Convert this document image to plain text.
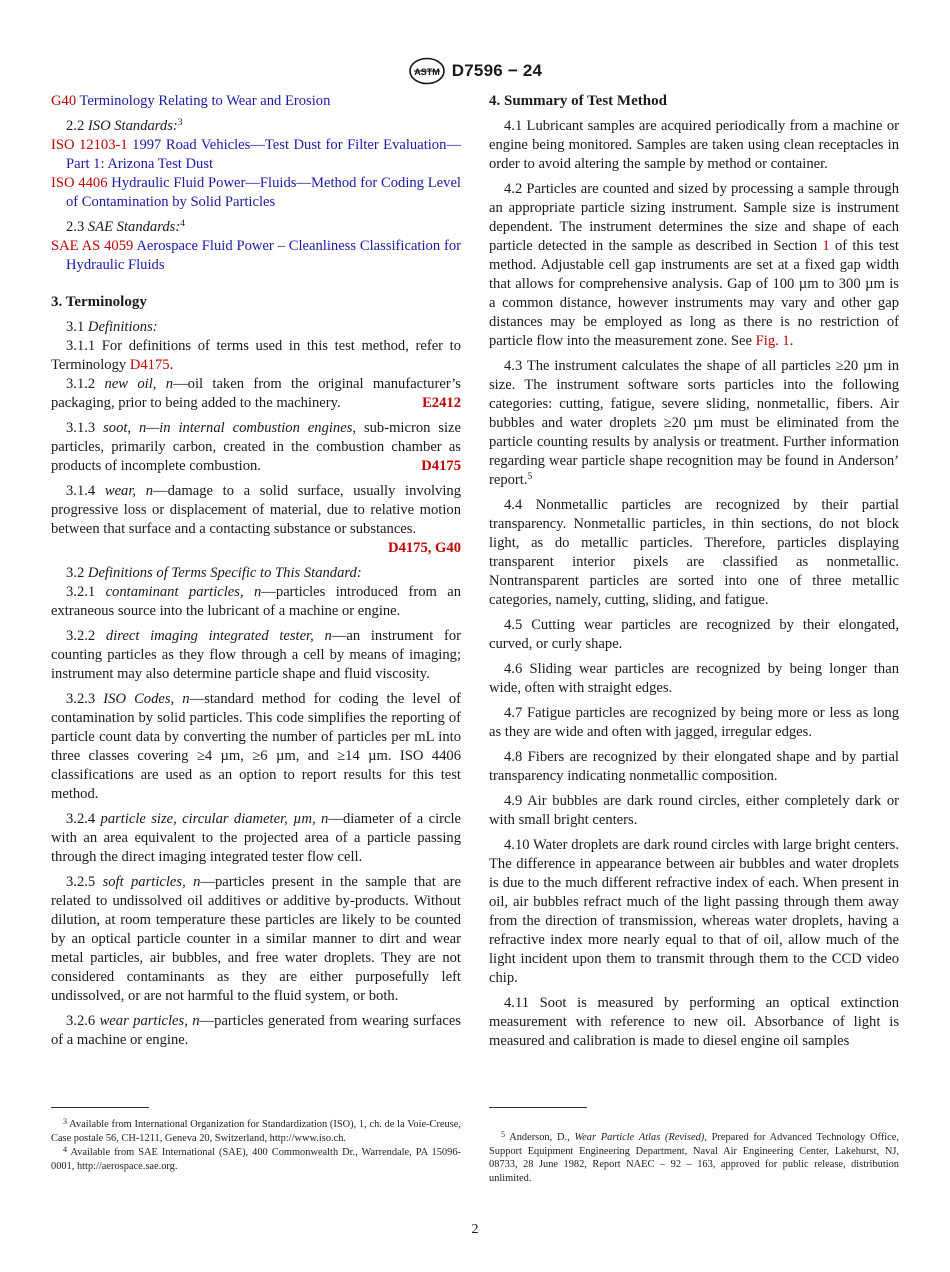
ASTM D7596 − 24

G40 Terminology Relating to Wear and Erosion

2.2 ISO Standards:$^3$

ISO 12103-1 1997 Road Vehicles—Test Dust for Filter Evaluation—Part 1: Arizona Test Dust

ISO 4406 Hydraulic Fluid Power—Fluids—Method for Coding Level of Contamination by Solid Particles

2.3 SAE Standards:$^4$

SAE AS 4059 Aerospace Fluid Power – Cleanliness Classification for Hydraulic Fluids

3. Terminology

3.1 Definitions:

3.1.1 For definitions of terms used in this test method, refer to Terminology D4175.

3.1.2 new oil, n—oil taken from the original manufacturer’s packaging, prior to being added to the machinery.	E2412

3.1.3 soot, n—in internal combustion engines, sub-micron size particles, primarily carbon, created in the combustion chamber as products of incomplete combustion.	D4175

3.1.4 wear, n—damage to a solid surface, usually involving progressive loss or displacement of material, due to relative motion between that surface and a contacting substance or substances.
D4175, G40

3.2 Definitions of Terms Specific to This Standard:

3.2.1 contaminant particles, n—particles introduced from an extraneous source into the lubricant of a machine or engine.

3.2.2 direct imaging integrated tester, n—an instrument for counting particles as they flow through a cell by means of imaging; instrument may also determine particle shape and fluid viscosity.

3.2.3 ISO Codes, n—standard method for coding the level of contamination by solid particles. This code simplifies the reporting of particle count data by converting the number of particles per mL into three classes covering ≥4 µm, ≥6 µm, and ≥14 µm. ISO 4406 classifications are used as an option to report results for this test method.

3.2.4 particle size, circular diameter, µm, n—diameter of a circle with an area equivalent to the projected area of a particle passing through the direct imaging integrated tester flow cell.

3.2.5 soft particles, n—particles present in the sample that are related to undissolved oil additives or additive by-products. Without dilution, at room temperature these particles are likely to be counted by an optical particle counter in a similar manner to dirt and wear metal particles, air bubbles, and free water droplets. They are not considered contaminants as they are either purposefully left undissolved, or are not harmful to the fluid system, or both.

3.2.6 wear particles, n—particles generated from wearing surfaces of a machine or engine.

4. Summary of Test Method

4.1 Lubricant samples are acquired periodically from a machine or engine being monitored. Samples are taken using clean receptacles in order to avoid altering the sample by method or container.

4.2 Particles are counted and sized by processing a sample through an appropriate particle sizing instrument. Sample size is instrument dependent. The instrument determines the size and shape of each particle detected in the sample as described in Section 1 of this test method. Adjustable cell gap instruments are set at a fixed gap width that allows for comprehensive analysis. Gap of 100 µm to 300 µm is a common distance, however instruments may vary and other gap distances may be employed as long as there is no restriction of particle flow into the measurement zone. See Fig. 1.

4.3 The instrument calculates the shape of all particles ≥20 µm in size. The instrument software sorts particles into the following categories: cutting, fatigue, severe sliding, nonmetallic, fibers. Air bubbles and water droplets ≥20 µm must be eliminated from the particle counting results by analysis or treatment. Further information regarding wear particle shape recognition may be found in Anderson’ report.$^5$

4.4 Nonmetallic particles are recognized by their partial transparency. Nonmetallic particles, in thin sections, do not block light, as do metallic particles. Therefore, particles displaying transparent interior pixels are classified as nonmetallic. Nontransparent particles are sorted into one of three metallic categories, namely, cutting, sliding, and fatigue.

4.5 Cutting wear particles are recognized by their elongated, curved, or curly shape.

4.6 Sliding wear particles are recognized by being longer than wide, often with straight edges.

4.7 Fatigue particles are recognized by being more or less as long as they are wide and often with jagged, irregular edges.

4.8 Fibers are recognized by their elongated shape and by partial transparency indicating nonmetallic composition.

4.9 Air bubbles are dark round circles, either completely dark or with small bright centers.

4.10 Water droplets are dark round circles with large bright centers. The difference in appearance between air bubbles and water droplets is due to the much different refractive index of each. When present in oil, air bubbles refract much of the light passing through them away from the direction of transmission, whereas water droplets, having a refractive index more nearly equal to that of oil, allow much of the light incident upon them to transmit through them to the CCD video chip.

4.11 Soot is measured by performing an optical extinction measurement with reference to new oil. Absorbance of light is measured and calibration is made to diesel engine oil samples

$^3$ Available from International Organization for Standardization (ISO), 1, ch. de la Voie-Creuse, Case postale 56, CH-1211, Geneva 20, Switzerland, http://www.iso.ch.

$^4$ Available from SAE International (SAE), 400 Commonwealth Dr., Warrendale, PA 15096-0001, http://aerospace.sae.org.

$^5$ Anderson, D., Wear Particle Atlas (Revised), Prepared for Advanced Technology Office, Support Equipment Engineering Department, Naval Air Engineering Center, Lakehurst, NJ, 08733, 28 June 1982, Report NAEC – 92 – 163, approved for public release, distribution unlimited.

2
